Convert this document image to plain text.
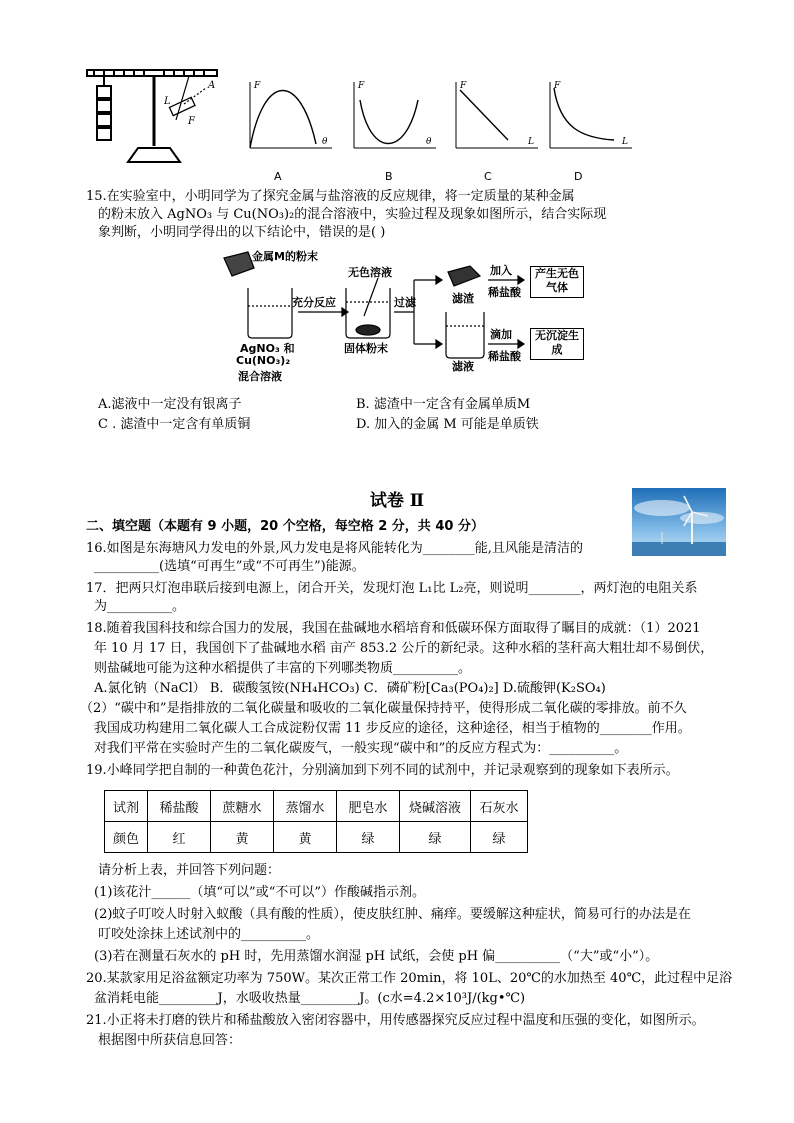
A
L
F
F
θ
F
θ
F
L
F
L
A	B	C	D
15.在实验室中，小明同学为了探究金属与盐溶液的反应规律，将一定质量的某种金属
的粉末放入 AgNO₃ 与 Cu(NO₃)₂的混合溶液中，实验过程及现象如图所示，结合实际现
象判断，小明同学得出的以下结论中，错误的是( )
金属M的粉末
无色溶液
充分反应	过滤	滤渣
滤液
加入
稀盐酸
滴加
稀盐酸
产生无色气体
无沉淀生成
AgNO₃ 和
Cu(NO₃)₂
混合溶液
固体粉末
A.滤液中一定没有银离子	B. 滤渣中一定含有金属单质M
C . 滤渣中一定含有单质铜	D. 加入的金属 M 可能是单质铁
试卷 Ⅱ
二、填空题（本题有 9 小题，20 个空格，每空格 2 分，共 40 分）
16.如图是东海塘风力发电的外景,风力发电是将风能转化为________能,且风能是清洁的
__________(选填“可再生”或“不可再生”)能源。
17．把两只灯泡串联后接到电源上，闭合开关，发现灯泡 L₁比 L₂亮，则说明________，两灯泡的电阻关系
为__________。
18.随着我国科技和综合国力的发展，我国在盐碱地水稻培育和低碳环保方面取得了瞩目的成就：（1）2021
年 10 月 17 日，我国创下了盐碱地水稻 亩产 853.2 公斤的新纪录。这种水稻的茎秆高大粗壮却不易倒伏，
则盐碱地可能为这种水稻提供了丰富的下列哪类物质__________。
A.氯化钠（NaCl） B．碳酸氢铵(NH₄HCO₃) C．磷矿粉[Ca₃(PO₄)₂] D.硫酸钾(K₂SO₄)
（2）“碳中和”是指排放的二氧化碳量和吸收的二氧化碳量保持持平，使得形成二氧化碳的零排放。前不久
我国成功构建用二氧化碳人工合成淀粉仅需 11 步反应的途径，这种途径，相当于植物的________作用。
对我们平常在实验时产生的二氧化碳废气，一般实现“碳中和”的反应方程式为：__________。
19.小峰同学把自制的一种黄色花汁，分别滴加到下列不同的试剂中，并记录观察到的现象如下表所示。
试剂	稀盐酸	蔗糖水	蒸馏水	肥皂水	烧碱溶液	石灰水
颜色	红	黄	黄	绿	绿	绿
请分析上表，并回答下列问题：
(1)该花汁______（填“可以”或“不可以”）作酸碱指示剂。
(2)蚊子叮咬人时射入蚁酸（具有酸的性质），使皮肤红肿、痛痒。要缓解这种症状，简易可行的办法是在
叮咬处涂抹上述试剂中的__________。
(3)若在测量石灰水的 pH 时，先用蒸馏水润湿 pH 试纸，会使 pH 偏__________（“大”或“小”）。
20.某款家用足浴盆额定功率为 750W。某次正常工作 20min，将 10L、20℃的水加热至 40℃，此过程中足浴
盆消耗电能_________J，水吸收热量_________J。(c水=4.2×10³J/(kg•℃)
21.小正将未打磨的铁片和稀盐酸放入密闭容器中，用传感器探究反应过程中温度和压强的变化，如图所示。
根据图中所获信息回答：
